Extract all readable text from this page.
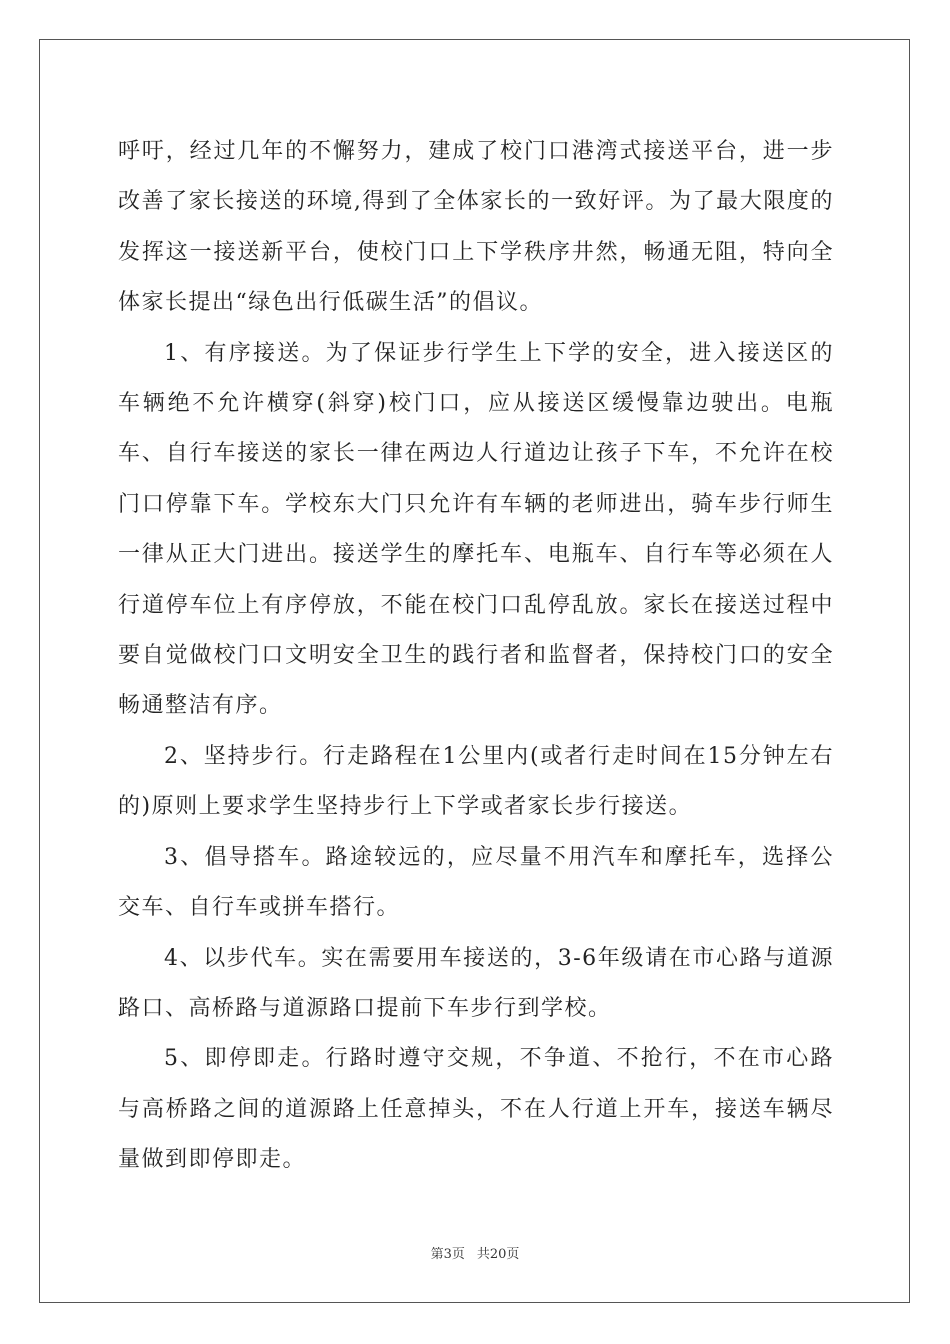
呼吁，经过几年的不懈努力，建成了校门口港湾式接送平台，进一步改善了家长接送的环境,得到了全体家长的一致好评。为了最大限度的发挥这一接送新平台，使校门口上下学秩序井然，畅通无阻，特向全体家长提出“绿色出行低碳生活”的倡议。

1、有序接送。为了保证步行学生上下学的安全，进入接送区的车辆绝不允许横穿(斜穿)校门口，应从接送区缓慢靠边驶出。电瓶车、自行车接送的家长一律在两边人行道边让孩子下车，不允许在校门口停靠下车。学校东大门只允许有车辆的老师进出，骑车步行师生一律从正大门进出。接送学生的摩托车、电瓶车、自行车等必须在人行道停车位上有序停放，不能在校门口乱停乱放。家长在接送过程中要自觉做校门口文明安全卫生的践行者和监督者，保持校门口的安全畅通整洁有序。

2、坚持步行。行走路程在1公里内(或者行走时间在15分钟左右的)原则上要求学生坚持步行上下学或者家长步行接送。

3、倡导搭车。路途较远的，应尽量不用汽车和摩托车，选择公交车、自行车或拼车搭行。

4、以步代车。实在需要用车接送的，3-6年级请在市心路与道源路口、高桥路与道源路口提前下车步行到学校。

5、即停即走。行路时遵守交规，不争道、不抢行，不在市心路与高桥路之间的道源路上任意掉头，不在人行道上开车，接送车辆尽量做到即停即走。

第3页 共20页
